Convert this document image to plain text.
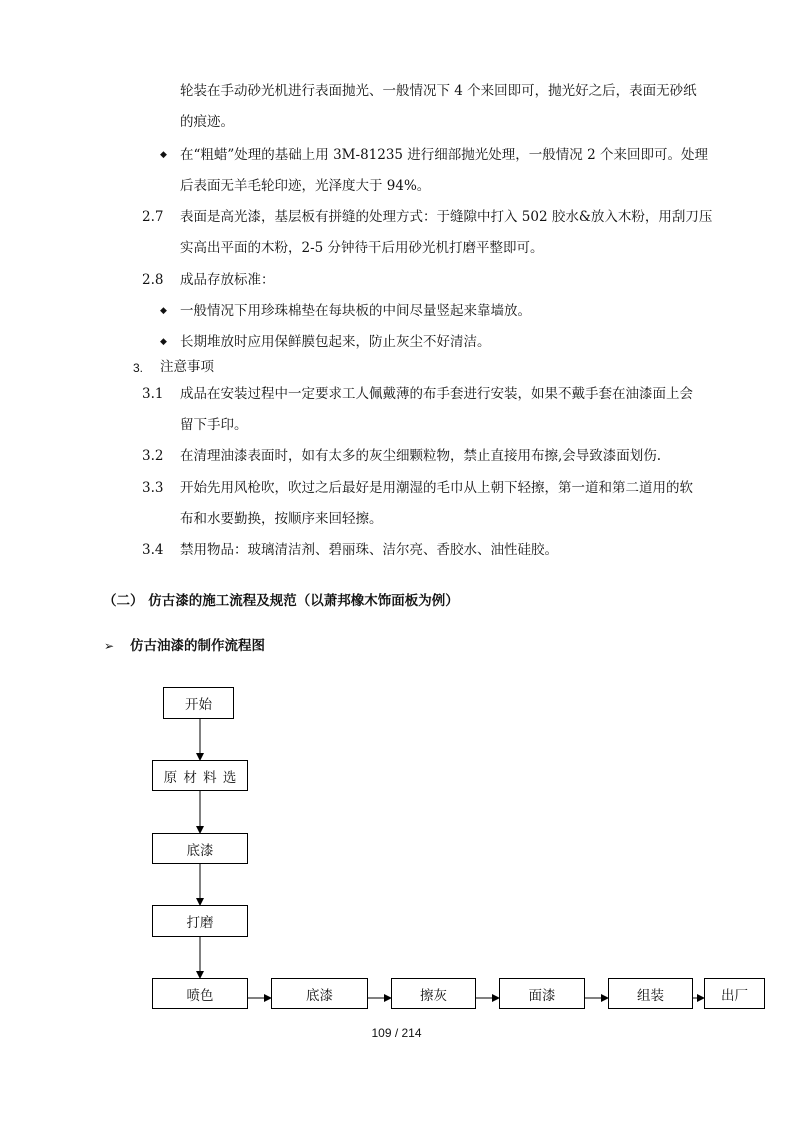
轮装在手动砂光机进行表面抛光、一般情况下 4 个来回即可，抛光好之后，表面无砂纸
的痕迹。
◆ 在“粗蜡”处理的基础上用 3M-81235 进行细部抛光处理，一般情况 2 个来回即可。处理
后表面无羊毛轮印迹，光泽度大于 94%。
2.7 表面是高光漆，基层板有拼缝的处理方式：于缝隙中打入 502 胶水&放入木粉，用刮刀压
实高出平面的木粉，2-5 分钟待干后用砂光机打磨平整即可。
2.8 成品存放标准：
◆ 一般情况下用珍珠棉垫在每块板的中间尽量竖起来靠墙放。
◆ 长期堆放时应用保鲜膜包起来，防止灰尘不好清洁。
3. 注意事项
3.1 成品在安装过程中一定要求工人佩戴薄的布手套进行安装，如果不戴手套在油漆面上会
留下手印。
3.2 在清理油漆表面时，如有太多的灰尘细颗粒物，禁止直接用布擦,会导致漆面划伤.
3.3 开始先用风枪吹，吹过之后最好是用潮湿的毛巾从上朝下轻擦，第一道和第二道用的软
布和水要勤换，按顺序来回轻擦。
3.4 禁用物品：玻璃清洁剂、碧丽珠、洁尔亮、香胶水、油性硅胶。
（二） 仿古漆的施工流程及规范（以萧邦橡木饰面板为例）
➢ 仿古油漆的制作流程图
开始
原 材 料 选
底漆
打磨
喷色	底漆	擦灰	面漆	组装	出厂
109 / 214
